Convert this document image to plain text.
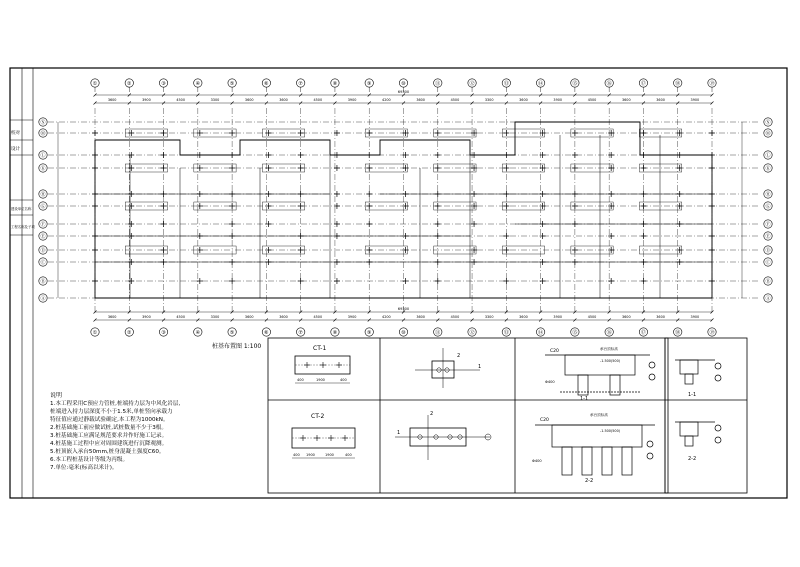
校对
设计
建设单位名称
工程名称及子项
①
①
②
②
③
③
④
④
⑤
⑤
⑥
⑥
⑦
⑦
⑧
⑧
⑨
⑨
⑩
⑩
⑪
⑪
⑫
⑫
⑬
⑬
⑭
⑭
⑮
⑮
⑯
⑯
⑰
⑰
⑱
⑱
⑲
⑲
Ⓝ	Ⓝ
Ⓜ	Ⓜ
Ⓛ	Ⓛ
Ⓚ	Ⓚ
Ⓗ	Ⓗ
Ⓖ	Ⓖ
Ⓕ	Ⓕ
Ⓔ	Ⓔ
Ⓓ	Ⓓ
Ⓒ	Ⓒ
Ⓑ	Ⓑ
Ⓐ	Ⓐ
3600	3900	4500	3300	3600	3600	4500	3900	4200	3600	4500	3300	3600	3900	4500	3600	3600	3900
3600	3900	4500	3300	3600	3600	4500	3900	4200	3600	4500	3300	3600	3900	4500	3600	3600	3900
69300
69300
桩基布置图 1:100	CT-1
400	1900	400
CT-2
400 1900	1900	400
1
2
1
2
C20	承台顶标高
-1.500(500)
Φ400
1-1
C20
承台顶标高
-1.500(500)
Φ400
2-2
1-1
2-2
说明
1.本工程采用C预应力管桩,桩端持力层为中风化岩层,
桩端进入持力层深度不小于1.5米,单桩竖向承载力
特征值应通过静载试验确定,本工程为1000kN。
2.桩基础施工前应做试桩,试桩数量不少于3根。
3.桩基础施工应满足规范要求并作好施工记录。
4.桩基施工过程中应对周围建筑进行沉降观测。
5.桩顶嵌入承台50mm,桩身混凝土强度C60。
6.本工程桩基设计等级为丙级。
7.单位:毫米(标高以米计)。
